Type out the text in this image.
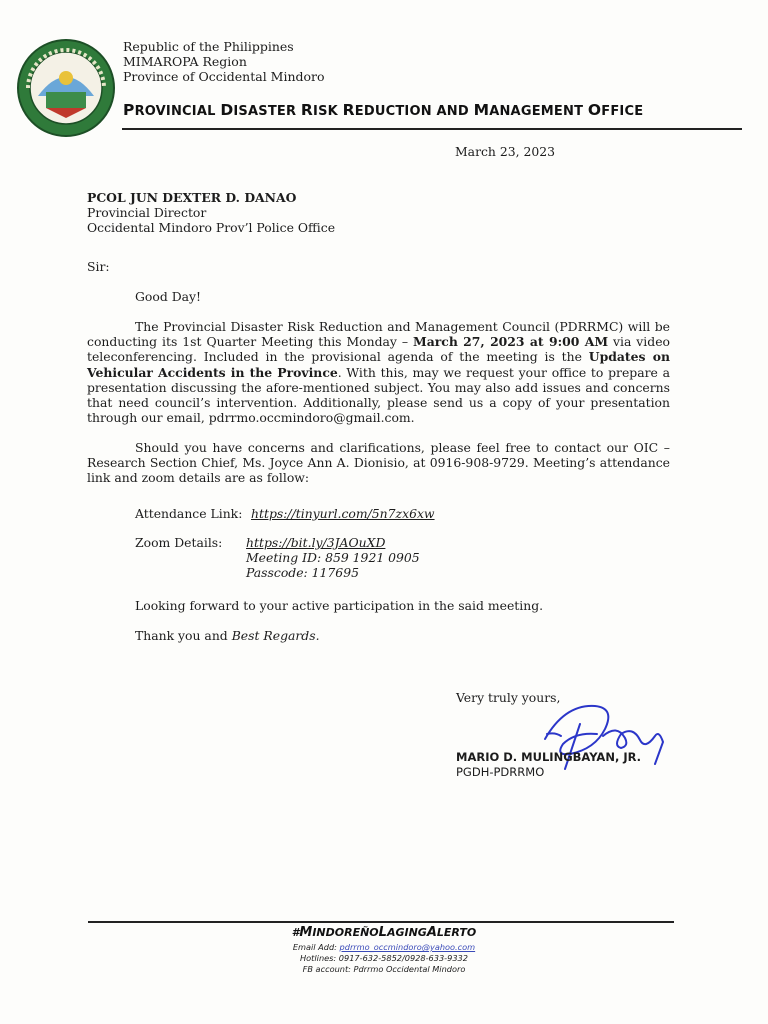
Republic of the Philippines
MIMAROPA Region
Province of Occidental Mindoro
PROVINCIAL DISASTER RISK REDUCTION AND MANAGEMENT OFFICE
March 23, 2023
PCOL JUN DEXTER D. DANAO
Provincial Director
Occidental Mindoro Prov’l Police Office
Sir:
Good Day!
The Provincial Disaster Risk Reduction and Management Council (PDRRMC) will be conducting its 1st Quarter Meeting this Monday – March 27, 2023 at 9:00 AM via video teleconferencing. Included in the provisional agenda of the meeting is the Updates on Vehicular Accidents in the Province. With this, may we request your office to prepare a presentation discussing the afore-mentioned subject. You may also add issues and concerns that need council’s intervention. Additionally, please send us a copy of your presentation through our email, pdrrmo.occmindoro@gmail.com.
Should you have concerns and clarifications, please feel free to contact our OIC – Research Section Chief, Ms. Joyce Ann A. Dionisio, at 0916-908-9729. Meeting’s attendance link and zoom details are as follow:
Attendance Link: https://tinyurl.com/5n7zx6xw
Zoom Details: https://bit.ly/3JAOuXD
Meeting ID: 859 1921 0905
Passcode: 117695
Looking forward to your active participation in the said meeting.
Thank you and Best Regards.
Very truly yours,
MARIO D. MULINGBAYAN, JR.
PGDH-PDRRMO
#MINDOREÑOLAGINGALERTO
Email Add: pdrrmo_occmindoro@yahoo.com
Hotlines: 0917-632-5852/0928-633-9332
FB account: Pdrrmo Occidental Mindoro
